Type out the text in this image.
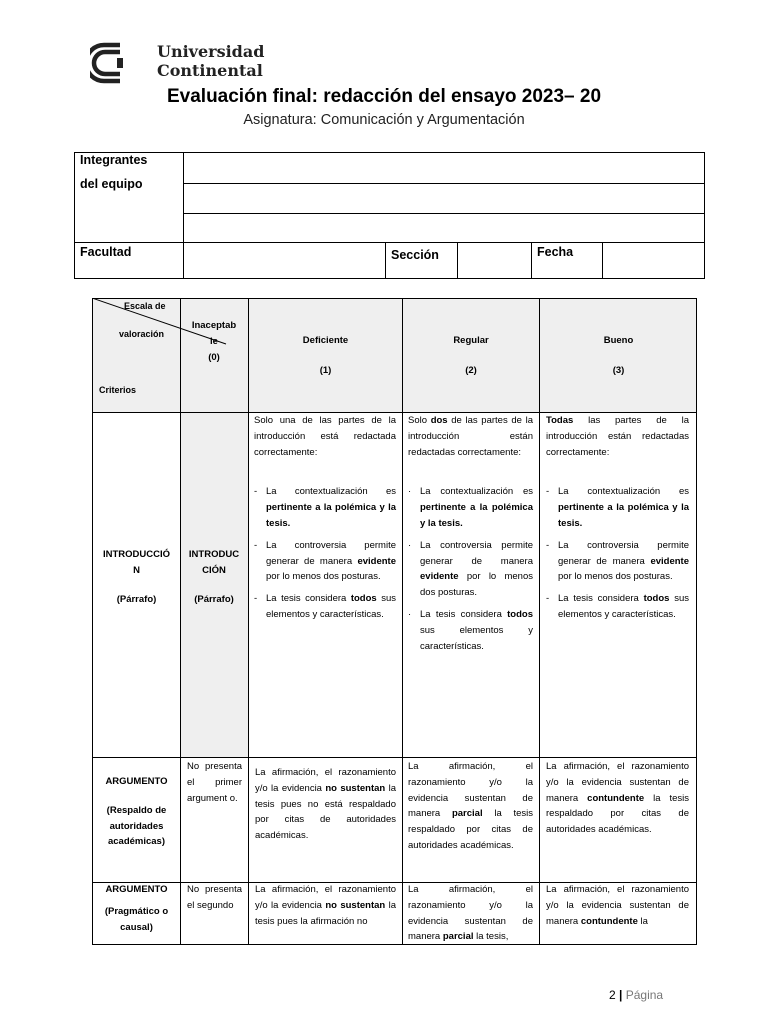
Universidad
Continental
Evaluación final: redacción del ensayo 2023– 20
Asignatura: Comunicación y Argumentación
Integrantes
del equipo
Facultad	Sección	Fecha
Escala de
valoración
Criterios
Inaceptab
le
(0)
Deficiente
(1)
Regular
(2)
Bueno
(3)
INTRODUCCIÓ
N
(Párrafo)
INTRODUC
CIÓN
(Párrafo)
Solo una de las partes de la introducción está redactada correctamente:
- La contextualización es pertinente a la polémica y la tesis.
- La controversia permite generar de manera evidente por lo menos dos posturas.
- La tesis considera todos sus elementos y características.
Solo dos de las partes de la introducción están redactadas correctamente:
· La contextualización es pertinente a la polémica y la tesis.
· La controversia permite generar de manera evidente por lo menos dos posturas.
· La tesis considera todos sus elementos y características.
Todas las partes de la introducción están redactadas correctamente:
- La contextualización es pertinente a la polémica y la tesis.
- La controversia permite generar de manera evidente por lo menos dos posturas.
- La tesis considera todos sus elementos y características.
ARGUMENTO
(Respaldo de
autoridades
académicas)
No presenta el primer argument o.
La afirmación, el razonamiento y/o la evidencia no sustentan la tesis pues no está respaldado por citas de autoridades académicas.
La afirmación, el razonamiento y/o la evidencia sustentan de manera parcial la tesis respaldado por citas de autoridades académicas.
La afirmación, el razonamiento y/o la evidencia sustentan de manera contundente la tesis respaldado por citas de autoridades académicas.
ARGUMENTO
(Pragmático o
causal)
No presenta el segundo
La afirmación, el razonamiento y/o la evidencia no sustentan la tesis pues la afirmación no
La afirmación, el razonamiento y/o la evidencia sustentan de manera parcial la tesis,
La afirmación, el razonamiento y/o la evidencia sustentan de manera contundente la
2 | Página
